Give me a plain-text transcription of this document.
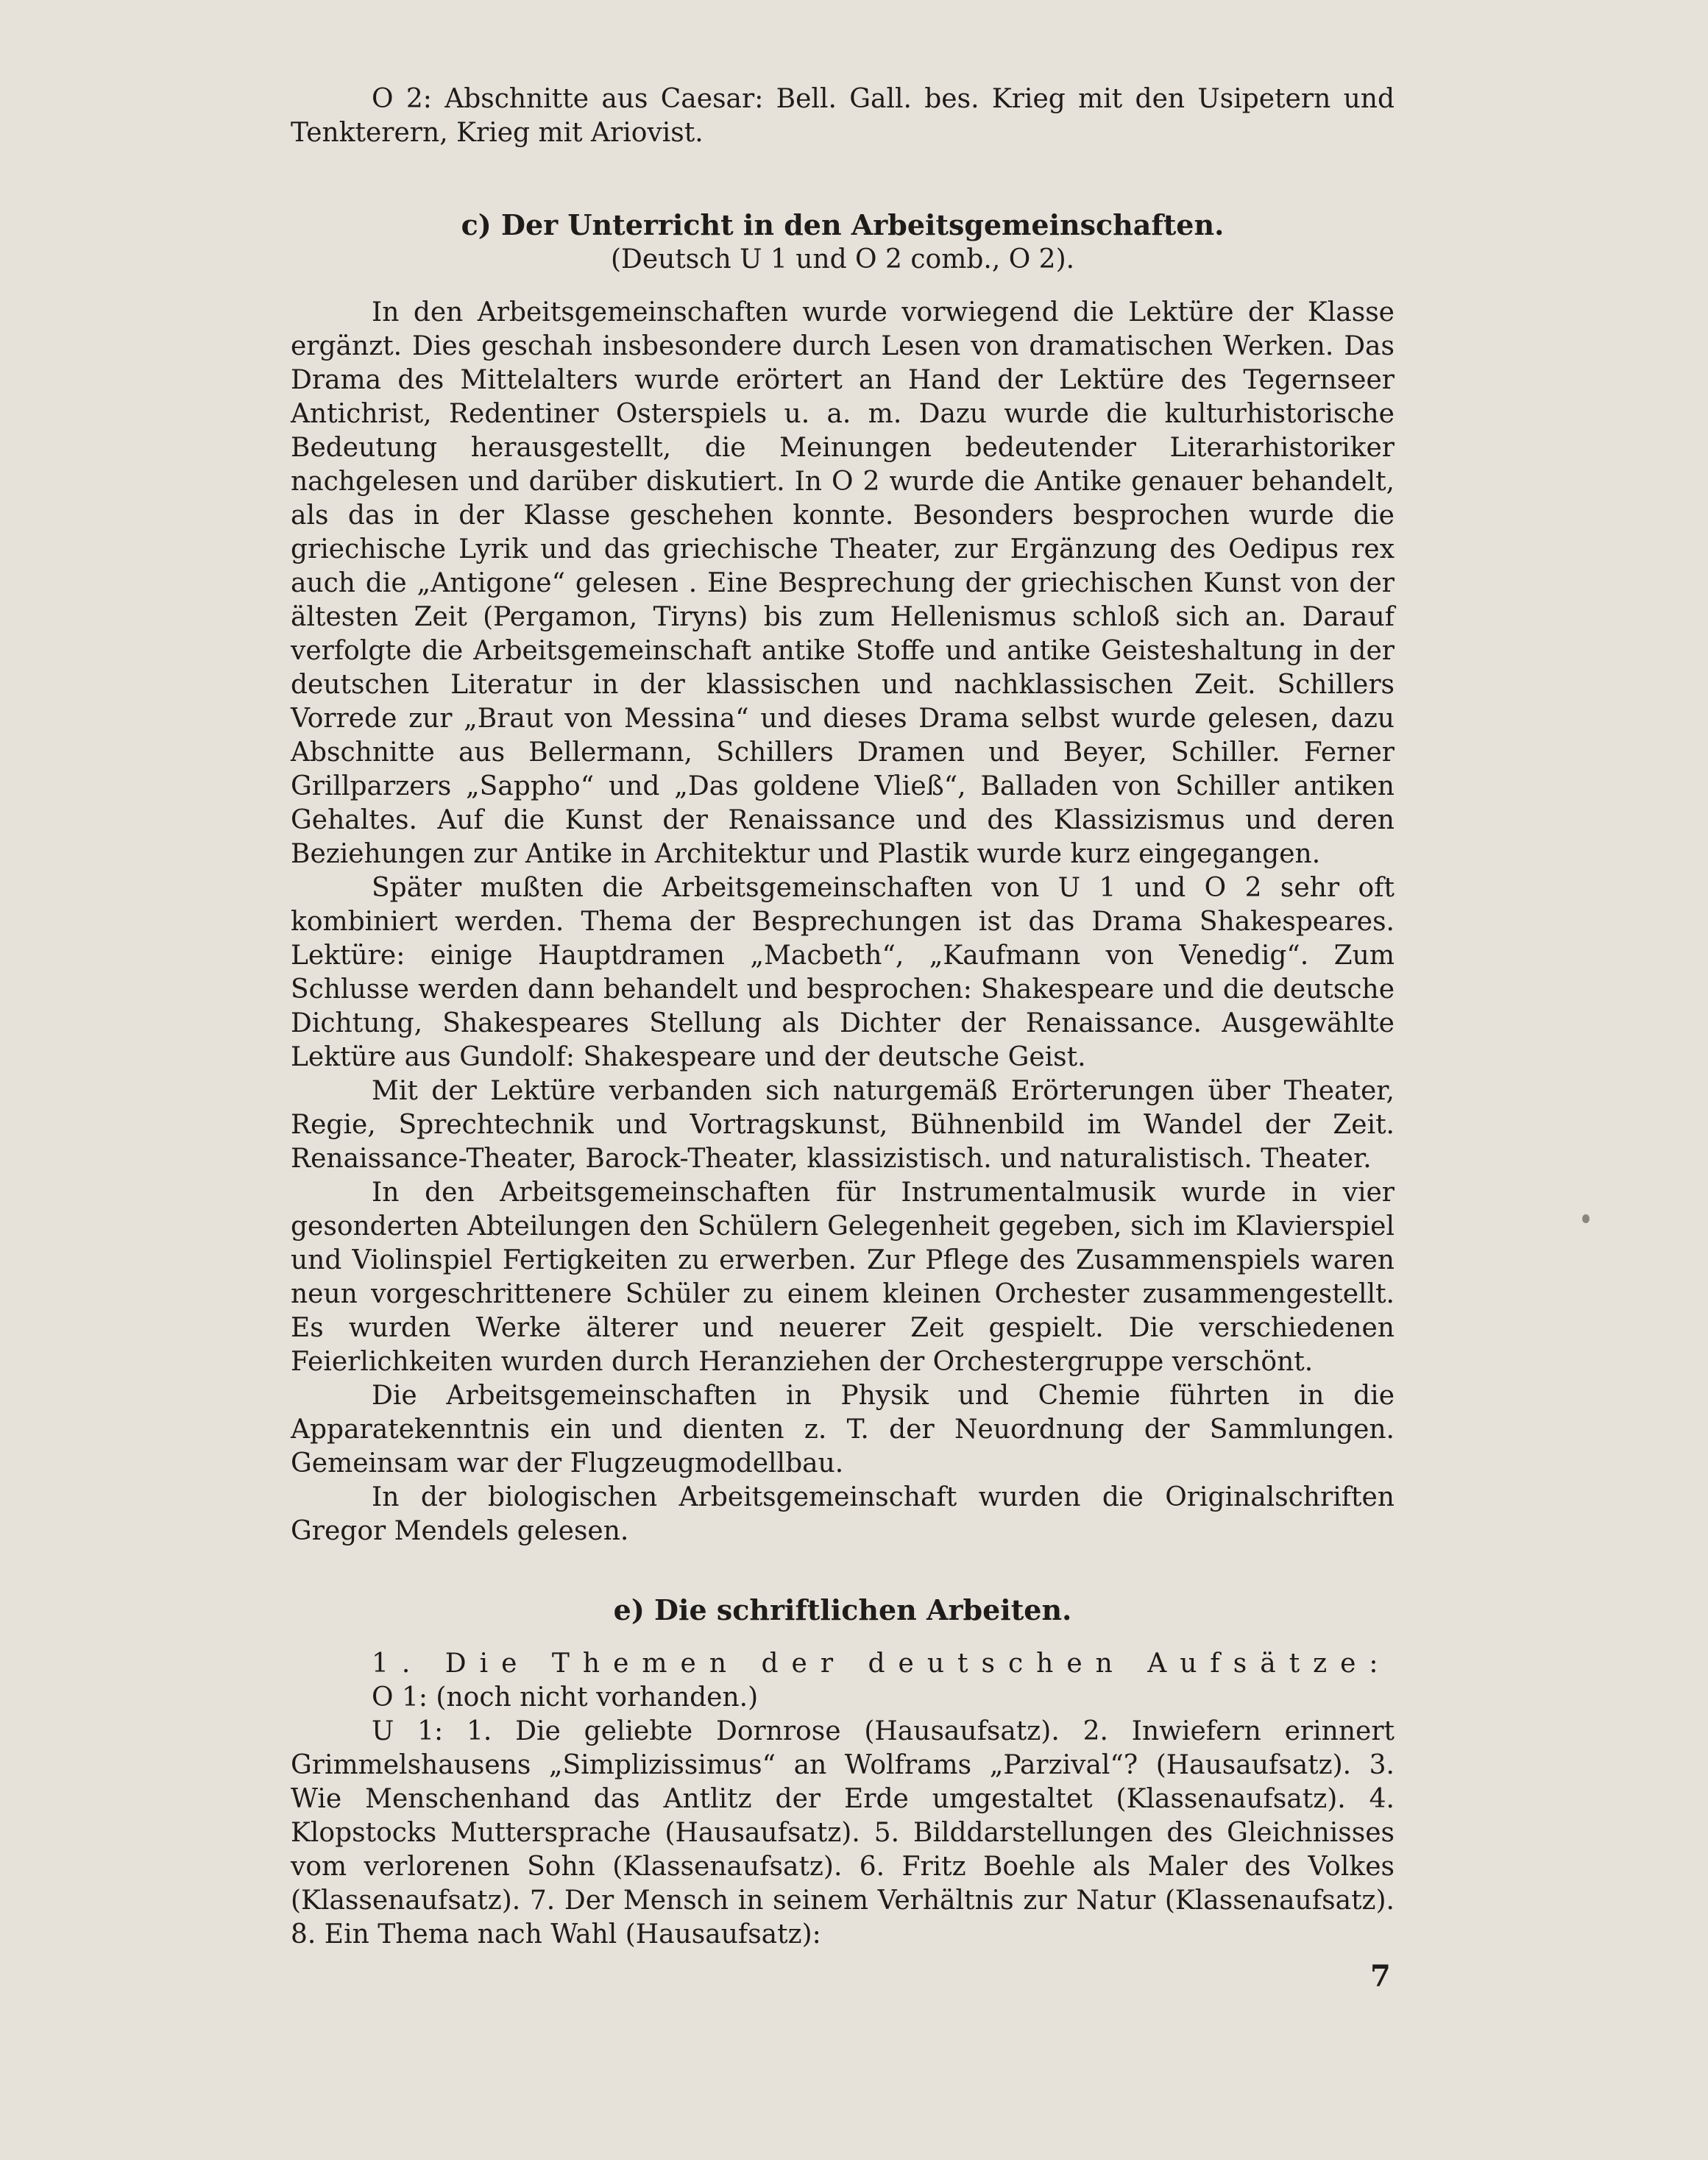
O 2: Abschnitte aus Caesar: Bell. Gall. bes. Krieg mit den Usipetern und Tenkterern, Krieg mit Ariovist.

c) Der Unterricht in den Arbeitsgemeinschaften.
(Deutsch U 1 und O 2 comb., O 2).

In den Arbeitsgemeinschaften wurde vorwiegend die Lektüre der Klasse ergänzt. Dies geschah insbesondere durch Lesen von dramatischen Werken. Das Drama des Mittelalters wurde erörtert an Hand der Lektüre des Tegernseer Antichrist, Redentiner Osterspiels u. a. m. Dazu wurde die kulturhistorische Bedeutung herausgestellt, die Meinungen bedeutender Literarhistoriker nachgelesen und darüber diskutiert. In O 2 wurde die Antike genauer behandelt, als das in der Klasse geschehen konnte. Besonders besprochen wurde die griechische Lyrik und das griechische Theater, zur Ergänzung des Oedipus rex auch die „Antigone“ gelesen . Eine Besprechung der griechischen Kunst von der ältesten Zeit (Pergamon, Tiryns) bis zum Hellenismus schloß sich an. Darauf verfolgte die Arbeitsgemeinschaft antike Stoffe und antike Geisteshaltung in der deutschen Literatur in der klassischen und nachklassischen Zeit. Schillers Vorrede zur „Braut von Messina“ und dieses Drama selbst wurde gelesen, dazu Abschnitte aus Bellermann, Schillers Dramen und Beyer, Schiller. Ferner Grillparzers „Sappho“ und „Das goldene Vließ“, Balladen von Schiller antiken Gehaltes. Auf die Kunst der Renaissance und des Klassizismus und deren Beziehungen zur Antike in Architektur und Plastik wurde kurz eingegangen.

Später mußten die Arbeitsgemeinschaften von U 1 und O 2 sehr oft kombiniert werden. Thema der Besprechungen ist das Drama Shakespeares. Lektüre: einige Hauptdramen „Macbeth“, „Kaufmann von Venedig“. Zum Schlusse werden dann behandelt und besprochen: Shakespeare und die deutsche Dichtung, Shakespeares Stellung als Dichter der Renaissance. Ausgewählte Lektüre aus Gundolf: Shakespeare und der deutsche Geist.

Mit der Lektüre verbanden sich naturgemäß Erörterungen über Theater, Regie, Sprechtechnik und Vortragskunst, Bühnenbild im Wandel der Zeit. Renaissance-Theater, Barock-Theater, klassizistisch. und naturalistisch. Theater.

In den Arbeitsgemeinschaften für Instrumentalmusik wurde in vier gesonderten Abteilungen den Schülern Gelegenheit gegeben, sich im Klavierspiel und Violinspiel Fertigkeiten zu erwerben. Zur Pflege des Zusammenspiels waren neun vorgeschrittenere Schüler zu einem kleinen Orchester zusammengestellt. Es wurden Werke älterer und neuerer Zeit gespielt. Die verschiedenen Feierlichkeiten wurden durch Heranziehen der Orchestergruppe verschönt.

Die Arbeitsgemeinschaften in Physik und Chemie führten in die Apparatekenntnis ein und dienten z. T. der Neuordnung der Sammlungen. Gemeinsam war der Flugzeugmodellbau.

In der biologischen Arbeitsgemeinschaft wurden die Originalschriften Gregor Mendels gelesen.

e) Die schriftlichen Arbeiten.

1. Die Themen der deutschen Aufsätze:

O 1: (noch nicht vorhanden.)

U 1: 1. Die geliebte Dornrose (Hausaufsatz). 2. Inwiefern erinnert Grimmelshausens „Simplizissimus“ an Wolframs „Parzival“? (Hausaufsatz). 3. Wie Menschenhand das Antlitz der Erde umgestaltet (Klassenaufsatz). 4. Klopstocks Muttersprache (Hausaufsatz). 5. Bilddarstellungen des Gleichnisses vom verlorenen Sohn (Klassenaufsatz). 6. Fritz Boehle als Maler des Volkes (Klassenaufsatz). 7. Der Mensch in seinem Verhältnis zur Natur (Klassenaufsatz). 8. Ein Thema nach Wahl (Hausaufsatz):

7
